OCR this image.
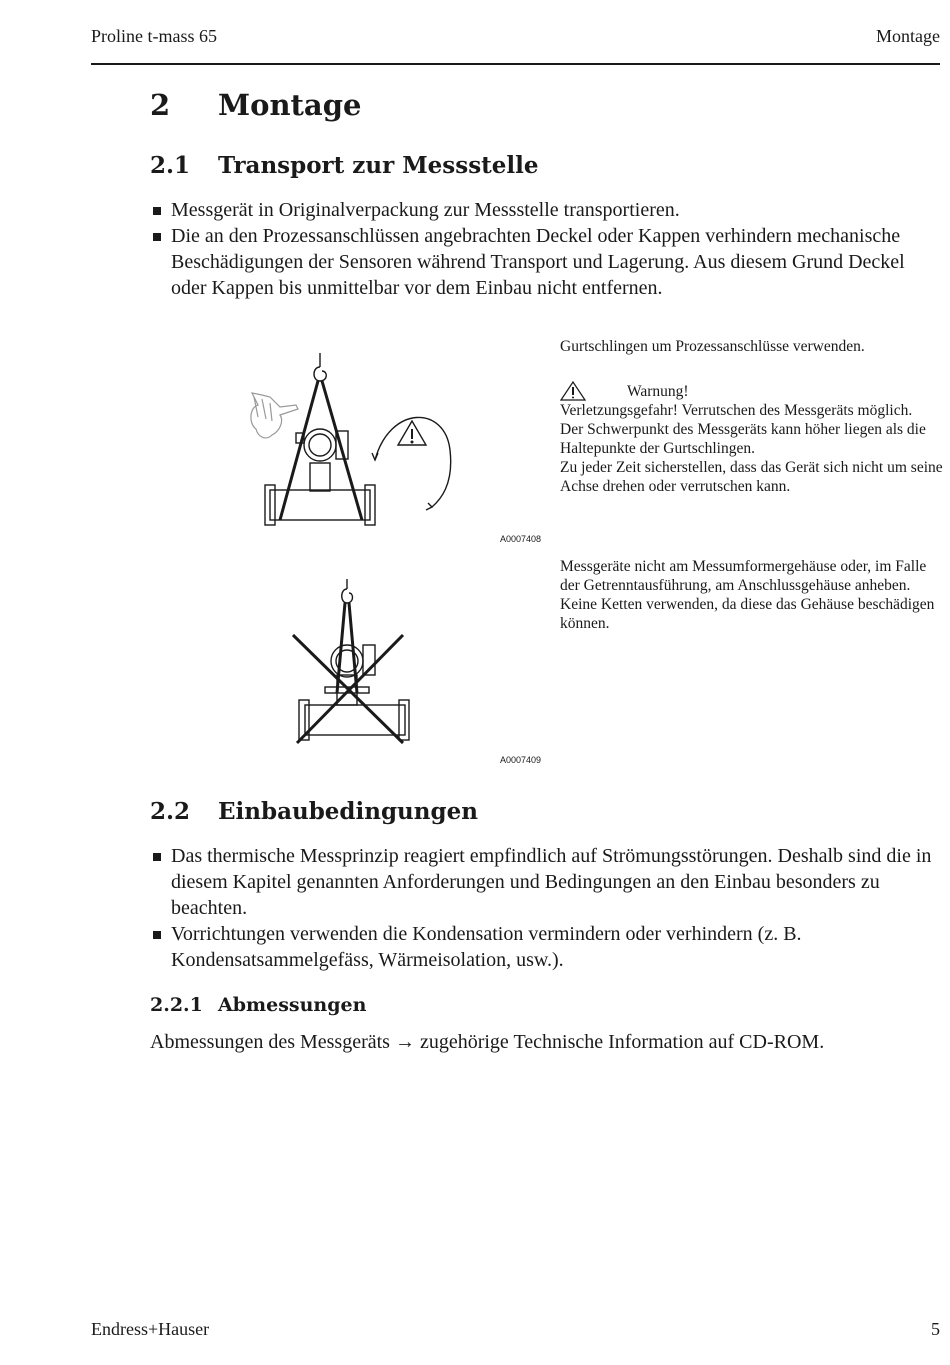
Proline t-mass 65	Montage
2 Montage
2.1 Transport zur Messstelle
Messgerät in Originalverpackung zur Messstelle transportieren.
Die an den Prozessanschlüssen angebrachten Deckel oder Kappen verhindern mechanische Beschädigungen der Sensoren während Transport und Lagerung. Aus diesem Grund Deckel oder Kappen bis unmittelbar vor dem Einbau nicht entfernen.
Gurtschlingen um Prozessanschlüsse verwenden.
Warnung!
Verletzungsgefahr! Verrutschen des Messgeräts möglich.
Der Schwerpunkt des Messgeräts kann höher liegen als die Haltepunkte der Gurtschlingen.
Zu jeder Zeit sicherstellen, dass das Gerät sich nicht um seine Achse drehen oder verrutschen kann.
A0007408
Messgeräte nicht am Messumformergehäuse oder, im Falle der Getrenntausführung, am Anschlussgehäuse anheben. Keine Ketten verwenden, da diese das Gehäuse beschädigen können.
A0007409
2.2 Einbaubedingungen
Das thermische Messprinzip reagiert empfindlich auf Strömungsstörungen. Deshalb sind die in diesem Kapitel genannten Anforderungen und Bedingungen an den Einbau besonders zu beachten.
Vorrichtungen verwenden die Kondensation vermindern oder verhindern (z. B. Kondensatsammelgefäss, Wärmeisolation, usw.).
2.2.1 Abmessungen
Abmessungen des Messgeräts → zugehörige Technische Information auf CD-ROM.
Endress+Hauser	5
